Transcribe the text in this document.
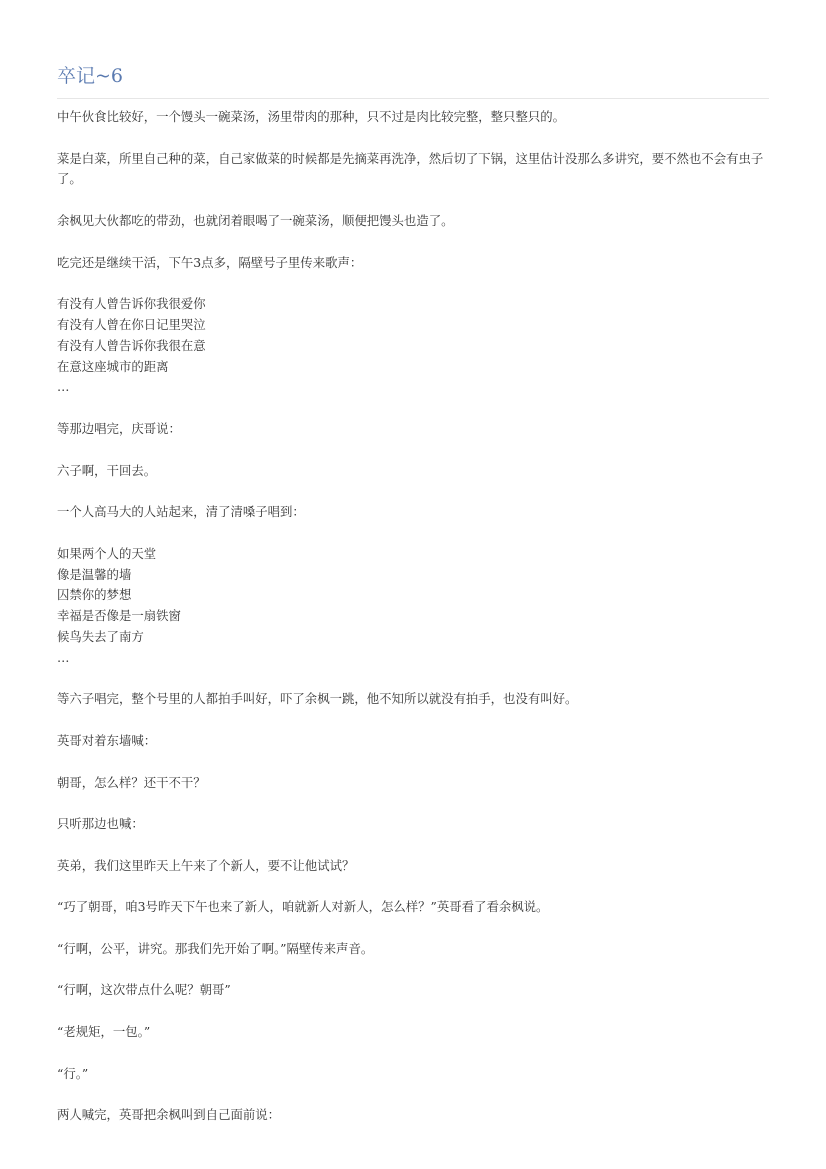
卒记~6
中午伙食比较好，一个馒头一碗菜汤，汤里带肉的那种，只不过是肉比较完整，整只整只的。
菜是白菜，所里自己种的菜，自己家做菜的时候都是先摘菜再洗净，然后切了下锅，这里估计没那么多讲究，要不然也不会有虫子了。
余枫见大伙都吃的带劲，也就闭着眼喝了一碗菜汤，顺便把馒头也造了。
吃完还是继续干活，下午3点多，隔壁号子里传来歌声：
有没有人曾告诉你我很爱你
有没有人曾在你日记里哭泣
有没有人曾告诉你我很在意
在意这座城市的距离
…
等那边唱完，庆哥说：
六子啊，干回去。
一个人高马大的人站起来，清了清嗓子唱到：
如果两个人的天堂
像是温馨的墙
囚禁你的梦想
幸福是否像是一扇铁窗
候鸟失去了南方
…
等六子唱完，整个号里的人都拍手叫好，吓了余枫一跳，他不知所以就没有拍手，也没有叫好。
英哥对着东墙喊：
朝哥，怎么样？还干不干？
只听那边也喊：
英弟，我们这里昨天上午来了个新人，要不让他试试？
“巧了朝哥，咱3号昨天下午也来了新人，咱就新人对新人，怎么样？”英哥看了看余枫说。
“行啊，公平，讲究。那我们先开始了啊。”隔壁传来声音。
“行啊，这次带点什么呢？朝哥”
“老规矩，一包。”
“行。”
两人喊完，英哥把余枫叫到自己面前说：
